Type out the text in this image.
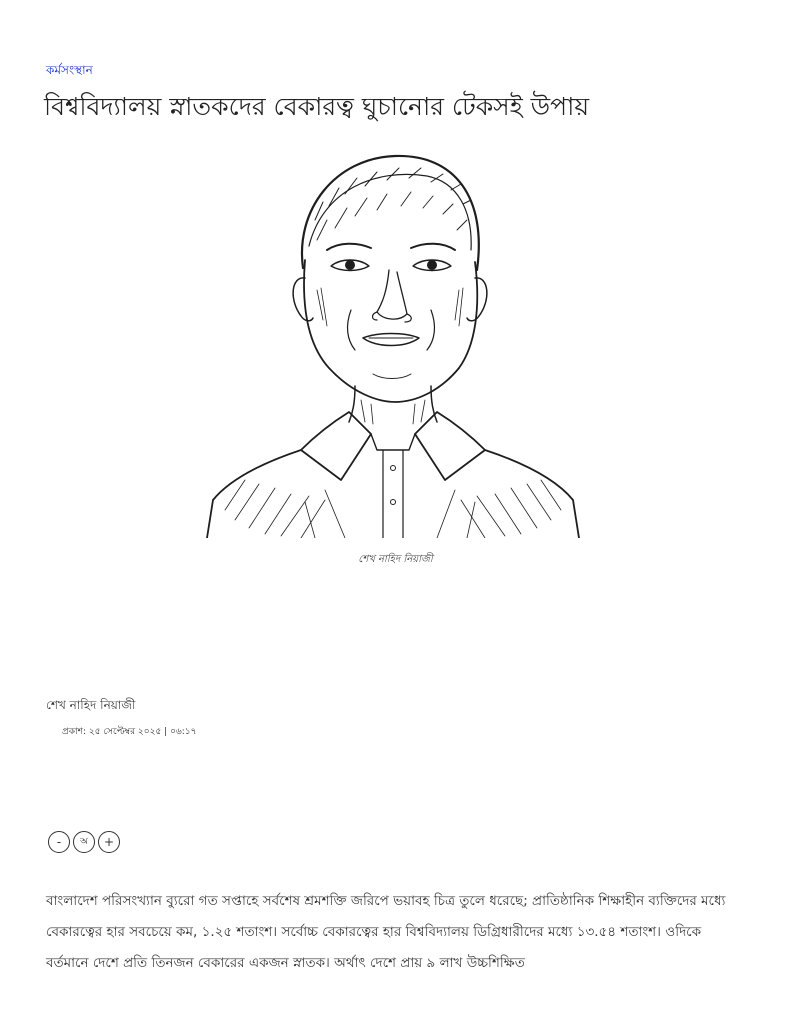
কর্মসংস্থান
বিশ্ববিদ্যালয় স্নাতকদের বেকারত্ব ঘুচানোর টেকসই উপায়
শেখ নাহিদ নিয়াজী
শেখ নাহিদ নিয়াজী
প্রকাশ: ২৫ সেপ্টেম্বর ২০২৫ | ০৬:১৭
-	অ	+

বাংলাদেশ পরিসংখ্যান ব্যুরো গত সপ্তাহে সর্বশেষ শ্রমশক্তি জরিপে ভয়াবহ চিত্র তুলে ধরেছে; প্রাতিষ্ঠানিক শিক্ষাহীন ব্যক্তিদের মধ্যে বেকারত্বের হার সবচেয়ে কম, ১.২৫ শতাংশ। সর্বোচ্চ বেকারত্বের হার বিশ্ববিদ্যালয় ডিগ্রিধারীদের মধ্যে ১৩.৫৪ শতাংশ। ওদিকে বর্তমানে দেশে প্রতি তিনজন বেকারের একজন স্নাতক। অর্থাৎ দেশে প্রায় ৯ লাখ উচ্চশিক্ষিত
